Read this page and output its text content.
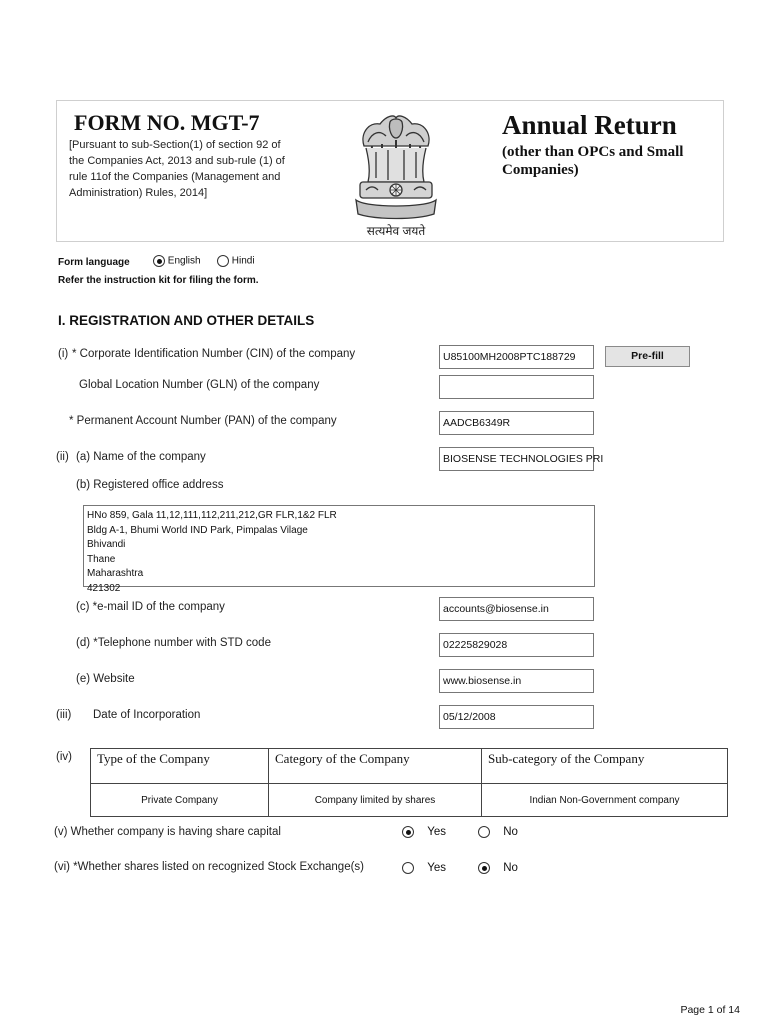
FORM NO. MGT-7
[Pursuant to sub-Section(1) of section 92 of
the Companies Act, 2013 and sub-rule (1) of
rule 11of the Companies (Management and
Administration) Rules, 2014]
सत्यमेव जयते
Annual Return
(other than OPCs and Small Companies)
Form language	English	Hindi
Refer the instruction kit for filing the form.
I. REGISTRATION AND OTHER DETAILS
(i) * Corporate Identification Number (CIN) of the company	U85100MH2008PTC188729	Pre-fill
Global Location Number (GLN) of the company
* Permanent Account Number (PAN) of the company	AADCB6349R
(ii) (a) Name of the company	BIOSENSE TECHNOLOGIES PRI
(b) Registered office address
HNo 859, Gala 11,12,111,112,211,212,GR FLR,1&2 FLR
Bldg A-1, Bhumi World IND Park, Pimpalas Vilage
Bhivandi
Thane
Maharashtra
421302
(c) *e-mail ID of the company	accounts@biosense.in
(d) *Telephone number with STD code	02225829028
(e) Website	www.biosense.in
(iii) Date of Incorporation	05/12/2008
(iv) Type of the Company	Category of the Company	Sub-category of the Company
Private Company	Company limited by shares	Indian Non-Government company
(v) Whether company is having share capital	Yes	No
(vi) *Whether shares listed on recognized Stock Exchange(s)	Yes	No
Page 1 of 14
